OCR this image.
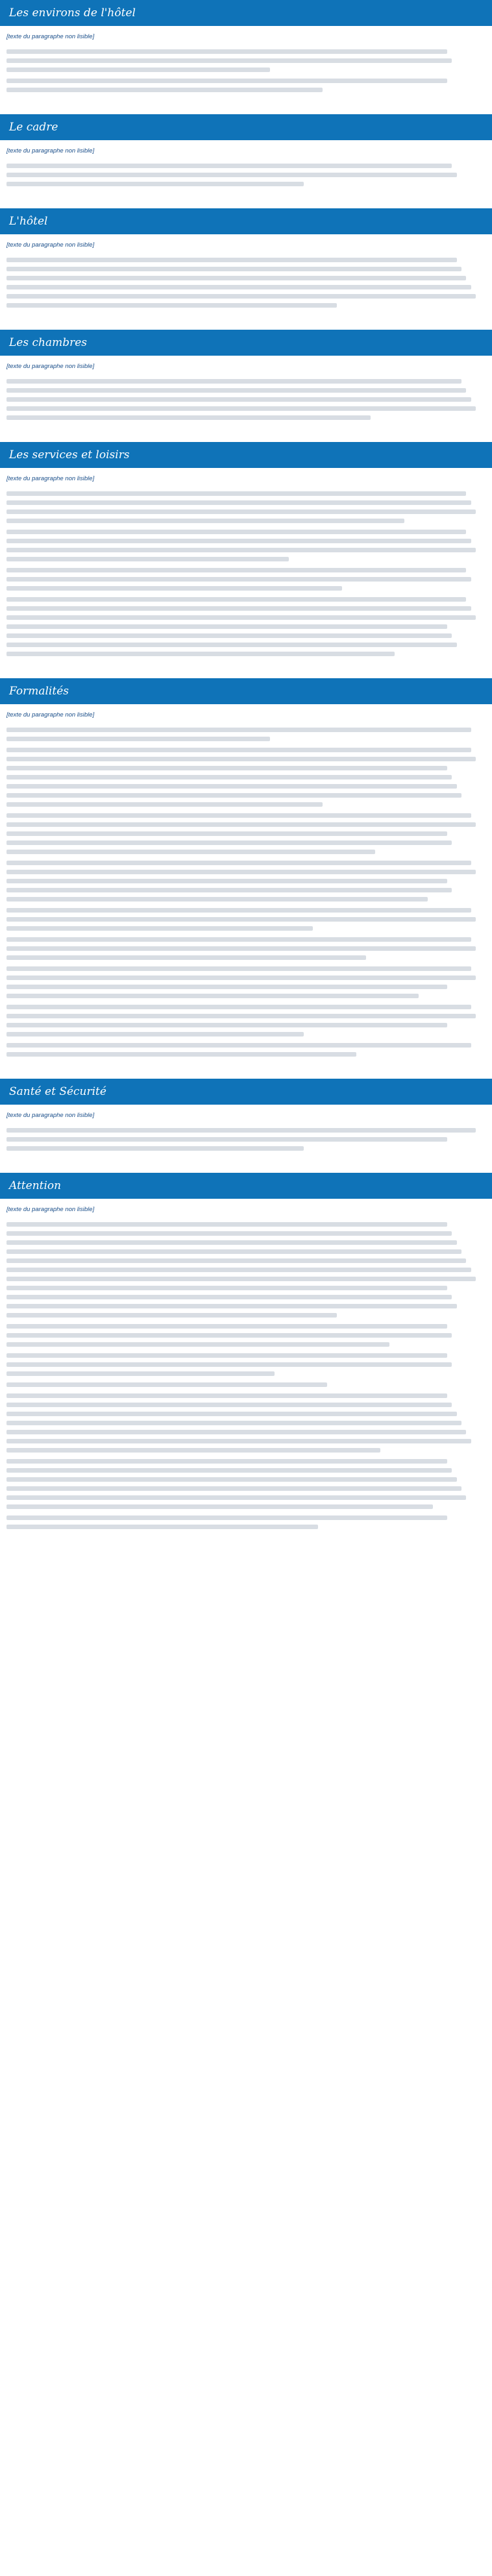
Les environs de l'hôtel
[texte du paragraphe non lisible]
Le cadre
[texte du paragraphe non lisible]
L'hôtel
[texte du paragraphe non lisible]
Les chambres
[texte du paragraphe non lisible]
Les services et loisirs
[texte du paragraphe non lisible]
Formalités
[texte du paragraphe non lisible]
Santé et Sécurité
[texte du paragraphe non lisible]
Attention
[texte du paragraphe non lisible]
